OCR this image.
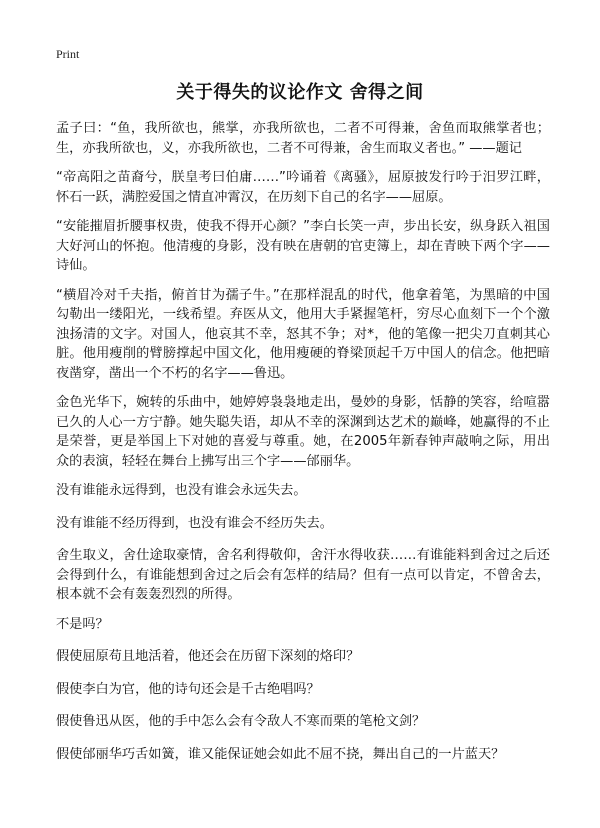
Print
关于得失的议论作文 舍得之间

孟子曰：“鱼，我所欲也，熊掌，亦我所欲也，二者不可得兼，舍鱼而取熊掌者也；生，亦我所欲也，义，亦我所欲也，二者不可得兼，舍生而取义者也。” ——题记

“帝高阳之苗裔兮，朕皇考曰伯庸……”吟诵着《离骚》，屈原披发行吟于汨罗江畔，怀石一跃，满腔爱国之情直冲霄汉，在历刻下自己的名字——屈原。

“安能摧眉折腰事权贵，使我不得开心颜？”李白长笑一声，步出长安，纵身跃入祖国大好河山的怀抱。他清瘦的身影，没有映在唐朝的官吏簿上，却在青映下两个字——诗仙。

“横眉冷对千夫指，俯首甘为孺子牛。”在那样混乱的时代，他拿着笔，为黑暗的中国勾勒出一缕阳光，一线希望。弃医从文，他用大手紧握笔杆，穷尽心血刻下一个个激浊扬清的文字。对国人，他哀其不幸，怒其不争；对*，他的笔像一把尖刀直刺其心脏。他用瘦削的臂膀撑起中国文化，他用瘦硬的脊梁顶起千万中国人的信念。他把暗夜凿穿，凿出一个不朽的名字——鲁迅。

金色光华下，婉转的乐曲中，她婷婷袅袅地走出，曼妙的身影，恬静的笑容，给喧嚣已久的人心一方宁静。她失聪失语，却从不幸的深渊到达艺术的巅峰，她赢得的不止是荣誉，更是举国上下对她的喜爱与尊重。她，在2005年新春钟声敲响之际，用出众的表演，轻轻在舞台上拂写出三个字——邰丽华。

没有谁能永远得到，也没有谁会永远失去。

没有谁能不经历得到，也没有谁会不经历失去。

舍生取义，舍仕途取豪情，舍名利得敬仰，舍汗水得收获……有谁能料到舍过之后还会得到什么，有谁能想到舍过之后会有怎样的结局？但有一点可以肯定，不曾舍去，根本就不会有轰轰烈烈的所得。

不是吗？

假使屈原苟且地活着，他还会在历留下深刻的烙印？

假使李白为官，他的诗句还会是千古绝唱吗？

假使鲁迅从医，他的手中怎么会有令敌人不寒而栗的笔枪文剑？

假使邰丽华巧舌如簧，谁又能保证她会如此不屈不挠，舞出自己的一片蓝天？
